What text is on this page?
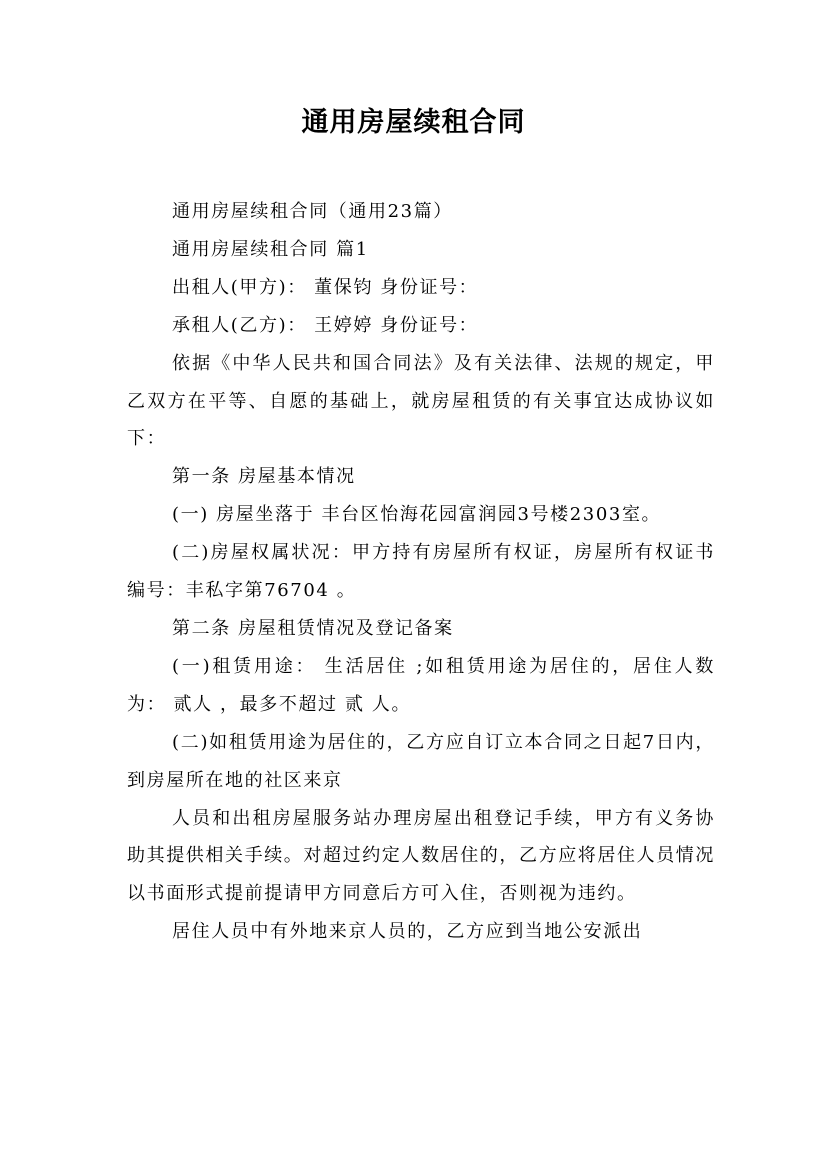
通用房屋续租合同

通用房屋续租合同（通用23篇）

通用房屋续租合同 篇1

出租人(甲方)： 董保钧 身份证号：

承租人(乙方)： 王婷婷 身份证号：

依据《中华人民共和国合同法》及有关法律、法规的规定，甲乙双方在平等、自愿的基础上，就房屋租赁的有关事宜达成协议如下：

第一条 房屋基本情况

(一) 房屋坐落于 丰台区怡海花园富润园3号楼2303室。

(二)房屋权属状况：甲方持有房屋所有权证，房屋所有权证书编号：丰私字第76704 。

第二条 房屋租赁情况及登记备案

(一)租赁用途： 生活居住 ;如租赁用途为居住的，居住人数为： 贰人 ，最多不超过 贰 人。

(二)如租赁用途为居住的，乙方应自订立本合同之日起7日内，到房屋所在地的社区来京

人员和出租房屋服务站办理房屋出租登记手续，甲方有义务协助其提供相关手续。对超过约定人数居住的，乙方应将居住人员情况以书面形式提前提请甲方同意后方可入住，否则视为违约。

居住人员中有外地来京人员的，乙方应到当地公安派出
